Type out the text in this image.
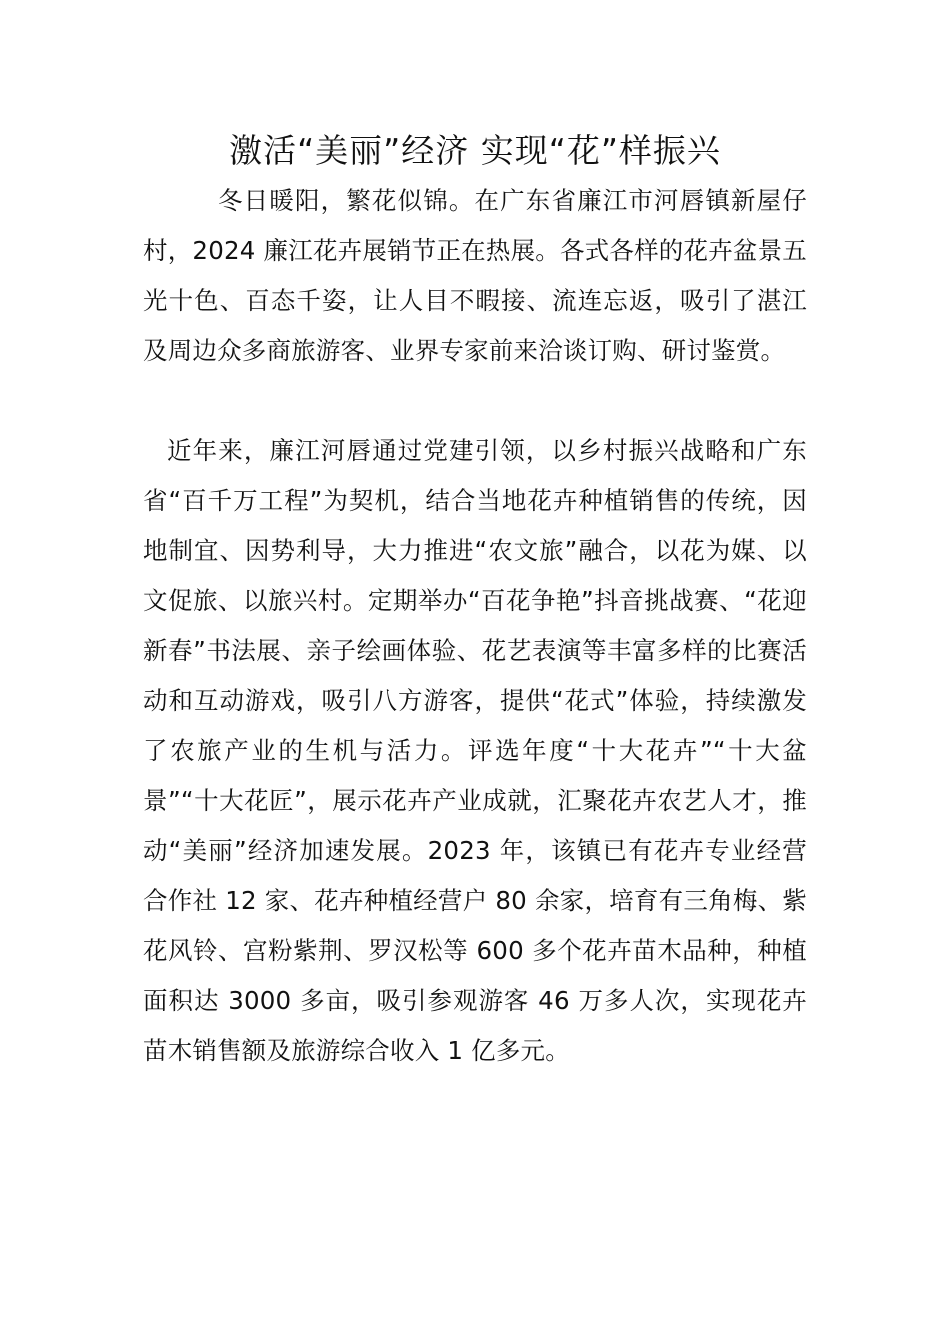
激活“美丽”经济 实现“花”样振兴

冬日暖阳，繁花似锦。在广东省廉江市河唇镇新屋仔村，2024 廉江花卉展销节正在热展。各式各样的花卉盆景五光十色、百态千姿，让人目不暇接、流连忘返，吸引了湛江及周边众多商旅游客、业界专家前来洽谈订购、研讨鉴赏。

近年来，廉江河唇通过党建引领，以乡村振兴战略和广东省“百千万工程”为契机，结合当地花卉种植销售的传统，因地制宜、因势利导，大力推进“农文旅”融合，以花为媒、以文促旅、以旅兴村。定期举办“百花争艳”抖音挑战赛、“花迎新春”书法展、亲子绘画体验、花艺表演等丰富多样的比赛活动和互动游戏，吸引八方游客，提供“花式”体验，持续激发了农旅产业的生机与活力。评选年度“十大花卉”“十大盆景”“十大花匠”，展示花卉产业成就，汇聚花卉农艺人才，推动“美丽”经济加速发展。2023 年，该镇已有花卉专业经营合作社 12 家、花卉种植经营户 80 余家，培育有三角梅、紫花风铃、宫粉紫荆、罗汉松等 600 多个花卉苗木品种，种植面积达 3000 多亩，吸引参观游客 46 万多人次，实现花卉苗木销售额及旅游综合收入 1 亿多元。
